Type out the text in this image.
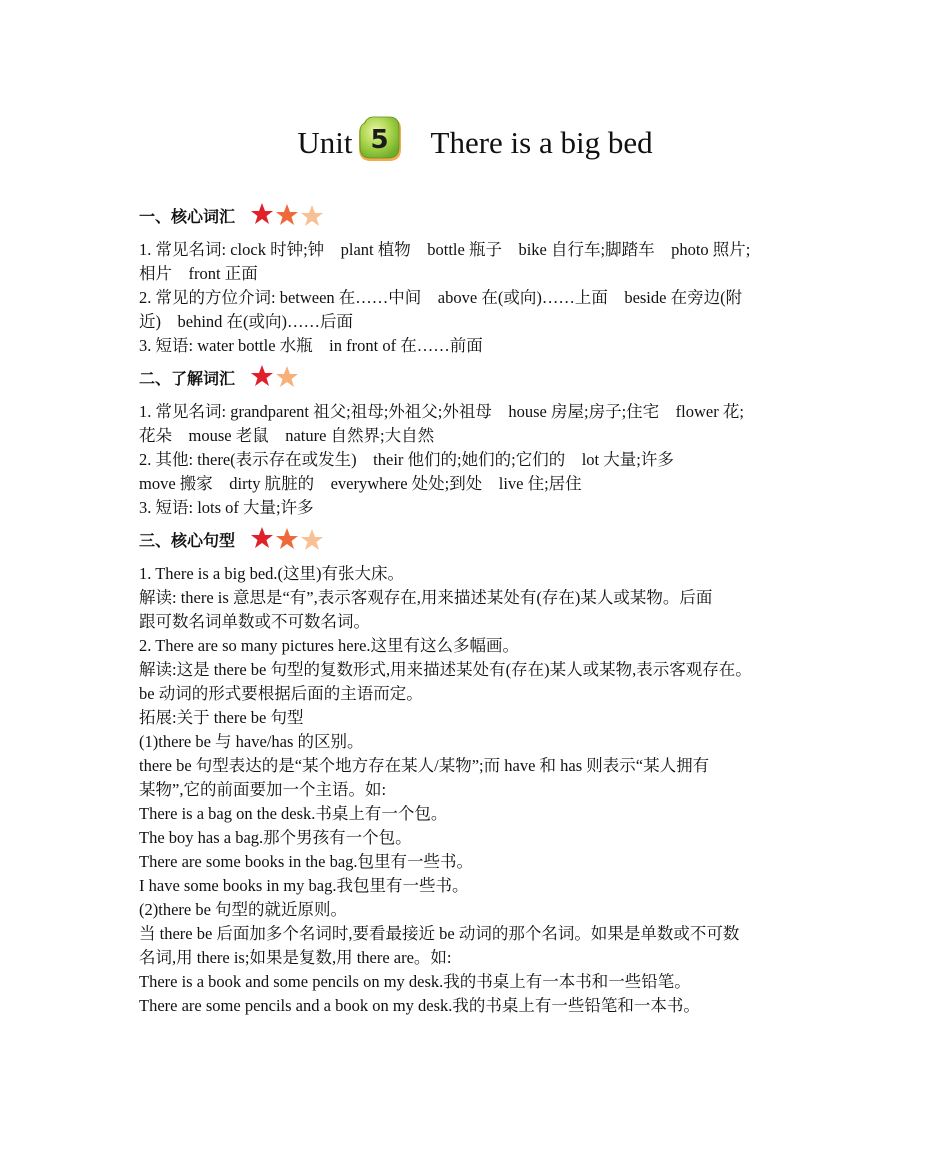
Unit 5 There is a big bed
一、核心词汇

1. 常见名词: clock 时钟;钟　plant 植物　bottle 瓶子　bike 自行车;脚踏车　photo 照片;

相片　front 正面

2. 常见的方位介词: between 在……中间　above 在(或向)……上面　beside 在旁边(附

近)　behind 在(或向)……后面

3. 短语: water bottle 水瓶　in front of 在……前面

二、了解词汇

1. 常见名词: grandparent 祖父;祖母;外祖父;外祖母　house 房屋;房子;住宅　flower 花;

花朵　mouse 老鼠　nature 自然界;大自然

2. 其他: there(表示存在或发生)　their 他们的;她们的;它们的　lot 大量;许多

move 搬家　dirty 肮脏的　everywhere 处处;到处　live 住;居住

3. 短语: lots of 大量;许多

三、核心句型

1. There is a big bed.(这里)有张大床。

解读: there is 意思是“有”,表示客观存在,用来描述某处有(存在)某人或某物。后面

跟可数名词单数或不可数名词。

2. There are so many pictures here.这里有这么多幅画。

解读:这是 there be 句型的复数形式,用来描述某处有(存在)某人或某物,表示客观存在。

be 动词的形式要根据后面的主语而定。

拓展:关于 there be 句型

(1)there be 与 have/has 的区别。

there be 句型表达的是“某个地方存在某人/某物”;而 have 和 has 则表示“某人拥有

某物”,它的前面要加一个主语。如:

There is a bag on the desk.书桌上有一个包。

The boy has a bag.那个男孩有一个包。

There are some books in the bag.包里有一些书。

I have some books in my bag.我包里有一些书。

(2)there be 句型的就近原则。

当 there be 后面加多个名词时,要看最接近 be 动词的那个名词。如果是单数或不可数

名词,用 there is;如果是复数,用 there are。如:

There is a book and some pencils on my desk.我的书桌上有一本书和一些铅笔。

There are some pencils and a book on my desk.我的书桌上有一些铅笔和一本书。
